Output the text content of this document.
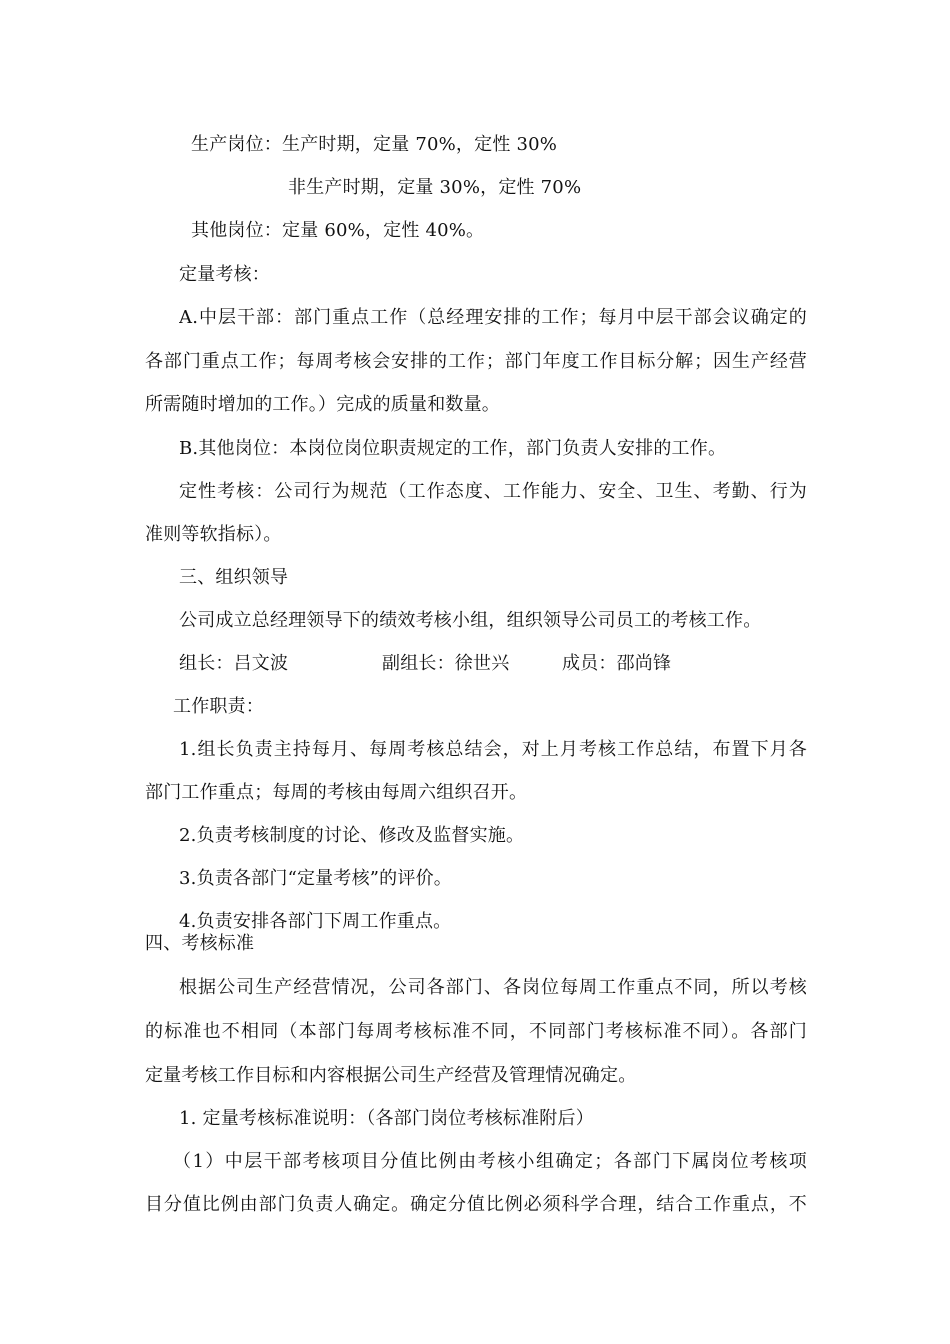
生产岗位：生产时期，定量 70%，定性 30%
非生产时期，定量 30%，定性 70%
其他岗位：定量 60%，定性 40%。
定量考核：
A.中层干部：部门重点工作（总经理安排的工作；每月中层干部会议确定的
各部门重点工作；每周考核会安排的工作；部门年度工作目标分解；因生产经营
所需随时增加的工作。）完成的质量和数量。
B.其他岗位：本岗位岗位职责规定的工作，部门负责人安排的工作。
定性考核：公司行为规范（工作态度、工作能力、安全、卫生、考勤、行为
准则等软指标）。
三、组织领导
公司成立总经理领导下的绩效考核小组，组织领导公司员工的考核工作。
组长：吕文波	副组长：徐世兴	成员：邵尚锋
工作职责：
1.组长负责主持每月、每周考核总结会，对上月考核工作总结，布置下月各
部门工作重点；每周的考核由每周六组织召开。
2.负责考核制度的讨论、修改及监督实施。
3.负责各部门“定量考核”的评价。
4.负责安排各部门下周工作重点。
四、考核标准
根据公司生产经营情况，公司各部门、各岗位每周工作重点不同，所以考核
的标准也不相同（本部门每周考核标准不同，不同部门考核标准不同）。各部门
定量考核工作目标和内容根据公司生产经营及管理情况确定。
1. 定量考核标准说明：（各部门岗位考核标准附后）
（1）中层干部考核项目分值比例由考核小组确定；各部门下属岗位考核项
目分值比例由部门负责人确定。确定分值比例必须科学合理，结合工作重点，不
